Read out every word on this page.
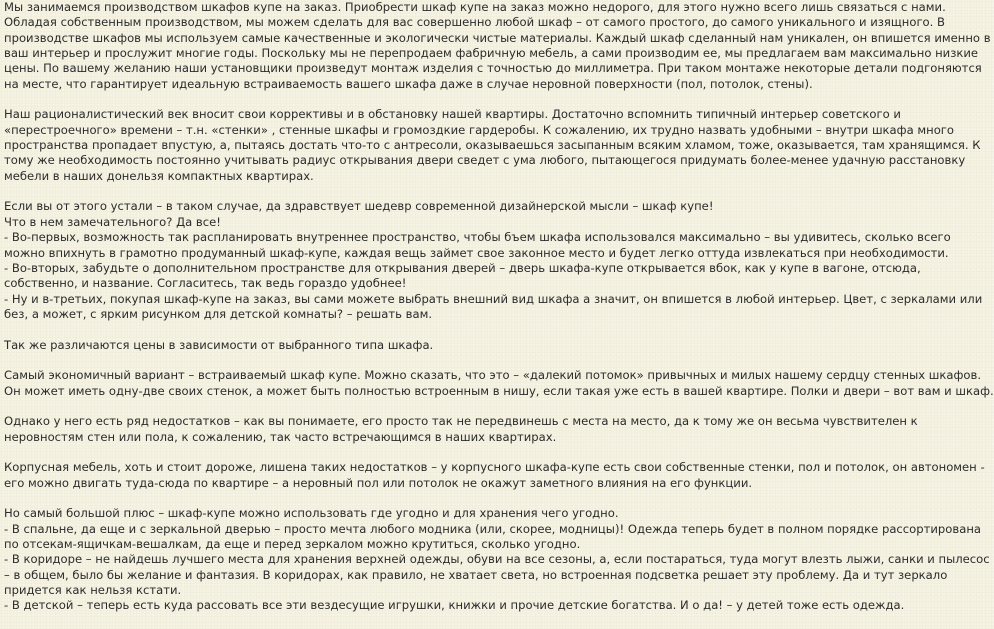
Мы занимаемся производством шкафов купе на заказ. Приобрести шкаф купе на заказ можно недорого, для этого нужно всего лишь связаться с нами. Обладая собственным производством, мы можем сделать для вас совершенно любой шкаф – от самого простого, до самого уникального и изящного. В производстве шкафов мы используем самые качественные и экологически чистые материалы. Каждый шкаф сделанный нам уникален, он впишется именно в ваш интерьер и прослужит многие годы. Поскольку мы не перепродаем фабричную мебель, а сами производим ее, мы предлагаем вам максимально низкие цены. По вашему желанию наши установщики произведут монтаж изделия с точностью до миллиметра. При таком монтаже некоторые детали подгоняются на месте, что гарантирует идеальную встраиваемость вашего шкафа даже в случае неровной поверхности (пол, потолок, стены).

Наш рационалистический век вносит свои коррективы и в обстановку нашей квартиры. Достаточно вспомнить типичный интерьер советского и «перестроечного» времени – т.н. «стенки» , стенные шкафы и громоздкие гардеробы. К сожалению, их трудно назвать удобными – внутри шкафа много пространства пропадает впустую, а, пытаясь достать что-то с антресоли, оказываешься засыпанным всяким хламом, тоже, оказывается, там хранящимся. К тому же необходимость постоянно учитывать радиус открывания двери сведет с ума любого, пытающегося придумать более-менее удачную расстановку мебели в наших донельзя компактных квартирах.

Если вы от этого устали – в таком случае, да здравствует шедевр современной дизайнерской мысли – шкаф купе!
Что в нем замечательного? Да все!
- Во-первых, возможность так распланировать внутреннее пространство, чтобы бъем шкафа использовался максимально – вы удивитесь, сколько всего можно впихнуть в грамотно продуманный шкаф-купе, каждая вещь займет свое законное место и будет легко оттуда извлекаться при необходимости.
- Во-вторых, забудьте о дополнительном пространстве для открывания дверей – дверь шкафа-купе открывается вбок, как у купе в вагоне, отсюда, собственно, и название. Согласитесь, так ведь гораздо удобнее!
- Ну и в-третьих, покупая шкаф-купе на заказ, вы сами можете выбрать внешний вид шкафа а значит, он впишется в любой интерьер. Цвет, с зеркалами или без, а может, с ярким рисунком для детской комнаты? – решать вам.

Так же различаются цены в зависимости от выбранного типа шкафа.

Самый экономичный вариант – встраиваемый шкаф купе. Можно сказать, что это – «далекий потомок» привычных и милых нашему сердцу стенных шкафов. Он может иметь одну-две своих стенок, а может быть полностью встроенным в нишу, если такая уже есть в вашей квартире. Полки и двери – вот вам и шкаф.

Однако у него есть ряд недостатков – как вы понимаете, его просто так не передвинешь с места на место, да к тому же он весьма чувствителен к неровностям стен или пола, к сожалению, так часто встречающимся в наших квартирах.

Корпусная мебель, хоть и стоит дороже, лишена таких недостатков – у корпусного шкафа-купе есть свои собственные стенки, пол и потолок, он автономен - его можно двигать туда-сюда по квартире – а неровный пол или потолок не окажут заметного влияния на его функции.

Но самый большой плюс – шкаф-купе можно использовать где угодно и для хранения чего угодно.
- В спальне, да еще и с зеркальной дверью – просто мечта любого модника (или, скорее, модницы)! Одежда теперь будет в полном порядке рассортирована по отсекам-ящичкам-вешалкам, да еще и перед зеркалом можно крутиться, сколько угодно.
- В коридоре – не найдешь лучшего места для хранения верхней одежды, обуви на все сезоны, а, если постараться, туда могут влезть лыжи, санки и пылесос – в общем, было бы желание и фантазия. В коридорах, как правило, не хватает света, но встроенная подсветка решает эту проблему. Да и тут зеркало придется как нельзя кстати.
- В детской – теперь есть куда рассовать все эти вездесущие игрушки, книжки и прочие детские богатства. И о да! – у детей тоже есть одежда.
